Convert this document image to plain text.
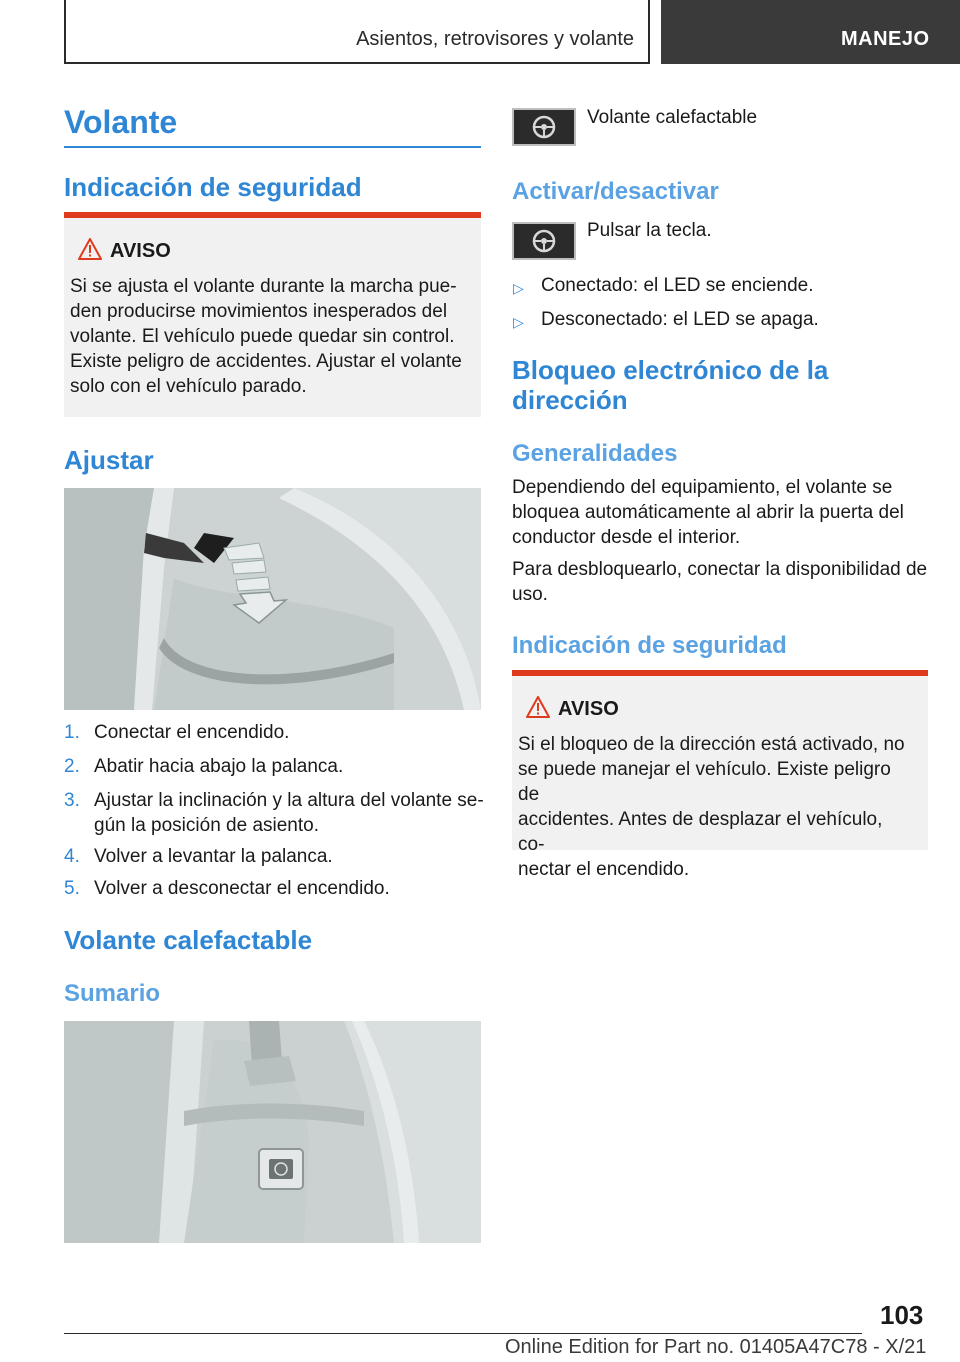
Asientos, retrovisores y volante	MANEJO
Volante
Indicación de seguridad
AVISO
Si se ajusta el volante durante la marcha pue-
den producirse movimientos inesperados del
volante. El vehículo puede quedar sin control.
Existe peligro de accidentes. Ajustar el volante
solo con el vehículo parado.
Ajustar
1. Conectar el encendido.
2. Abatir hacia abajo la palanca.
3. Ajustar la inclinación y la altura del volante se-
gún la posición de asiento.
4. Volver a levantar la palanca.
5. Volver a desconectar el encendido.
Volante calefactable
Sumario
Volante calefactable
Activar/desactivar
Pulsar la tecla.
▷ Conectado: el LED se enciende.
▷ Desconectado: el LED se apaga.
Bloqueo electrónico de la
dirección
Generalidades
Dependiendo del equipamiento, el volante se
bloquea automáticamente al abrir la puerta del
conductor desde el interior.
Para desbloquearlo, conectar la disponibilidad de
uso.
Indicación de seguridad
AVISO
Si el bloqueo de la dirección está activado, no
se puede manejar el vehículo. Existe peligro de
accidentes. Antes de desplazar el vehículo, co-
nectar el encendido.
103
Online Edition for Part no. 01405A47C78 - X/21
